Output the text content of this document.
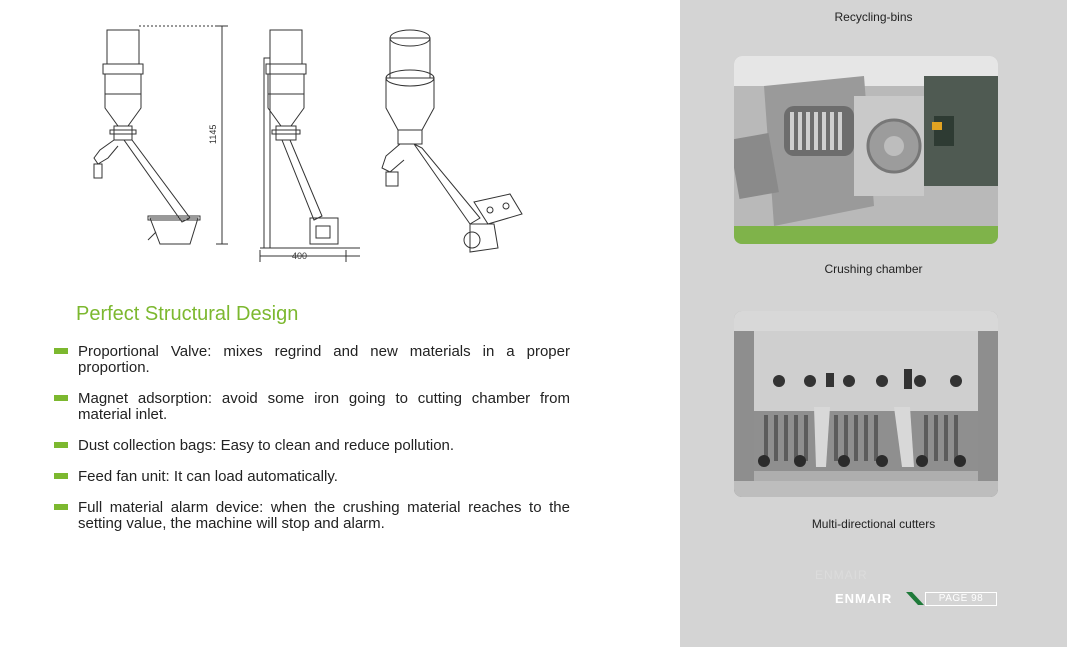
1145
400
Perfect Structural Design
Proportional Valve: mixes regrind and new materials in a proper proportion.
Magnet adsorption: avoid some iron going to cutting chamber from material inlet.
Dust collection bags: Easy to clean and reduce pollution.
Feed fan unit: It can load automatically.
Full material alarm device: when the crushing material reaches to the setting value, the machine will stop and alarm.
Recycling-bins
Crushing chamber
Multi-directional cutters
ENMAIR
ENMAIR	PAGE 98
